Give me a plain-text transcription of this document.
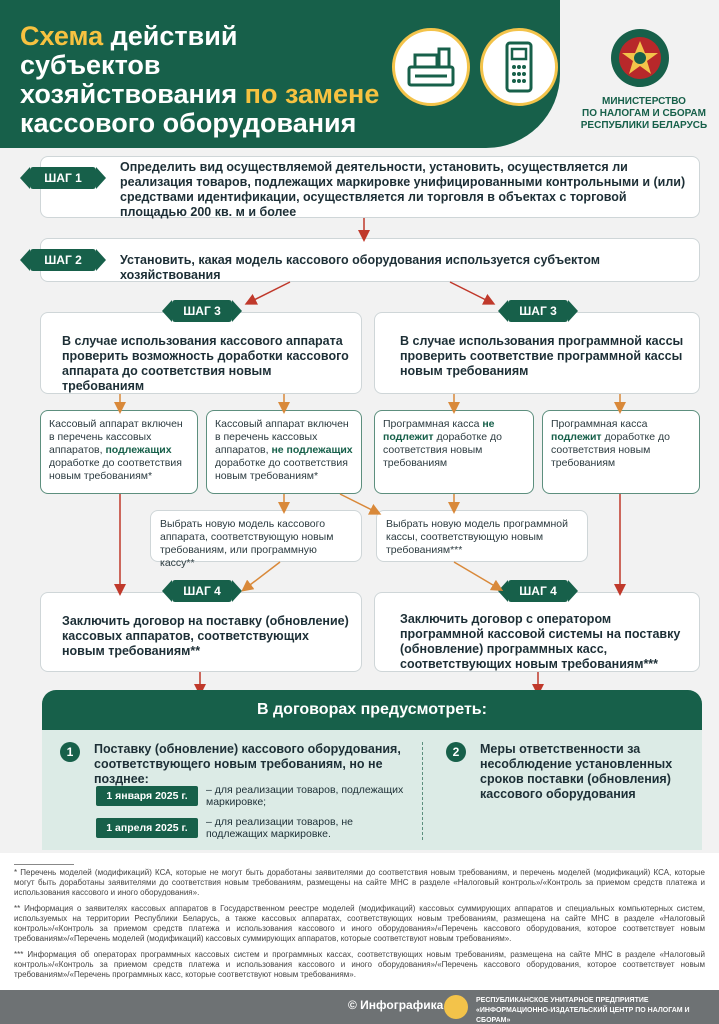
Схема действий субъектов хозяйствования по замене кассового оборудования
МИНИСТЕРСТВО
ПО НАЛОГАМ И СБОРАМ
РЕСПУБЛИКИ БЕЛАРУСЬ
ШАГ 1
Определить вид осуществляемой деятельности, установить, осуществляется ли реализация товаров, подлежащих маркировке унифицированными контрольными и (или) средствами идентификации, осуществляется ли торговля в объектах с торговой площадью 200 кв. м и более
ШАГ 2	Установить, какая модель кассового оборудования используется субъектом хозяйствования
ШАГ 3
В случае использования кассового аппарата проверить возможность доработки кассового аппарата до соответствия новым требованиям
ШАГ 3
В случае использования программной кассы проверить соответствие программной кассы новым требованиям
Кассовый аппарат включен в перечень кассовых аппаратов, подлежащих доработке до соответствия новым требованиям*
Кассовый аппарат включен в перечень кассовых аппаратов, не подлежащих доработке до соответствия новым требованиям*
Программная касса не подлежит доработке до соответствия новым требованиям
Программная касса подлежит доработке до соответствия новым требованиям
Выбрать новую модель кассового аппарата, соответствующую новым требованиям, или программную кассу**
Выбрать новую модель программной кассы, соответствующую новым требованиям***
ШАГ 4
Заключить договор на поставку (обновление) кассовых аппаратов, соответствующих новым требованиям**
ШАГ 4
Заключить договор с оператором программной кассовой системы на поставку (обновление) программных касс, соответствующих новым требованиям***
В договорах предусмотреть:
1	Поставку (обновление) кассового оборудования, соответствующего новым требованиям, но не позднее:
1 января 2025 г.	– для реализации товаров, подлежащих маркировке;
1 апреля 2025 г.	– для реализации товаров, не подлежащих маркировке.
2	Меры ответственности за несоблюдение установленных сроков поставки (обновления) кассового оборудования
* Перечень моделей (модификаций) КСА, которые не могут быть доработаны заявителями до соответствия новым требованиям, и перечень моделей (модификаций) КСА, которые могут быть доработаны заявителями до соответствия новым требованиям, размещены на сайте МНС в разделе «Налоговый контроль»/«Контроль за приемом средств платежа и использования кассового и иного оборудования».
** Информация о заявителях кассовых аппаратов в Государственном реестре моделей (модификаций) кассовых суммирующих аппаратов и специальных компьютерных систем, используемых на территории Республики Беларусь, а также кассовых аппаратах, соответствующих новым требованиям, размещена на сайте МНС в разделе «Налоговый контроль»/«Контроль за приемом средств платежа и использования кассового и иного оборудования»/«Перечень кассового оборудования, которое соответствует новым требованиям»/«Перечень моделей (модификаций) кассовых суммирующих аппаратов, которые соответствуют новым требованиям».
*** Информация об операторах программных кассовых систем и программных кассах, соответствующих новым требованиям, размещена на сайте МНС в разделе «Налоговый контроль»/«Контроль за приемом средств платежа и использования кассового и иного оборудования»/«Перечень кассового оборудования, которое соответствует новым требованиям»/«Перечень программных касс, которые соответствуют новым требованиям».
© Инфографика	РЕСПУБЛИКАНСКОЕ УНИТАРНОЕ ПРЕДПРИЯТИЕ
«ИНФОРМАЦИОННО-ИЗДАТЕЛЬСКИЙ ЦЕНТР ПО НАЛОГАМ И СБОРАМ»
